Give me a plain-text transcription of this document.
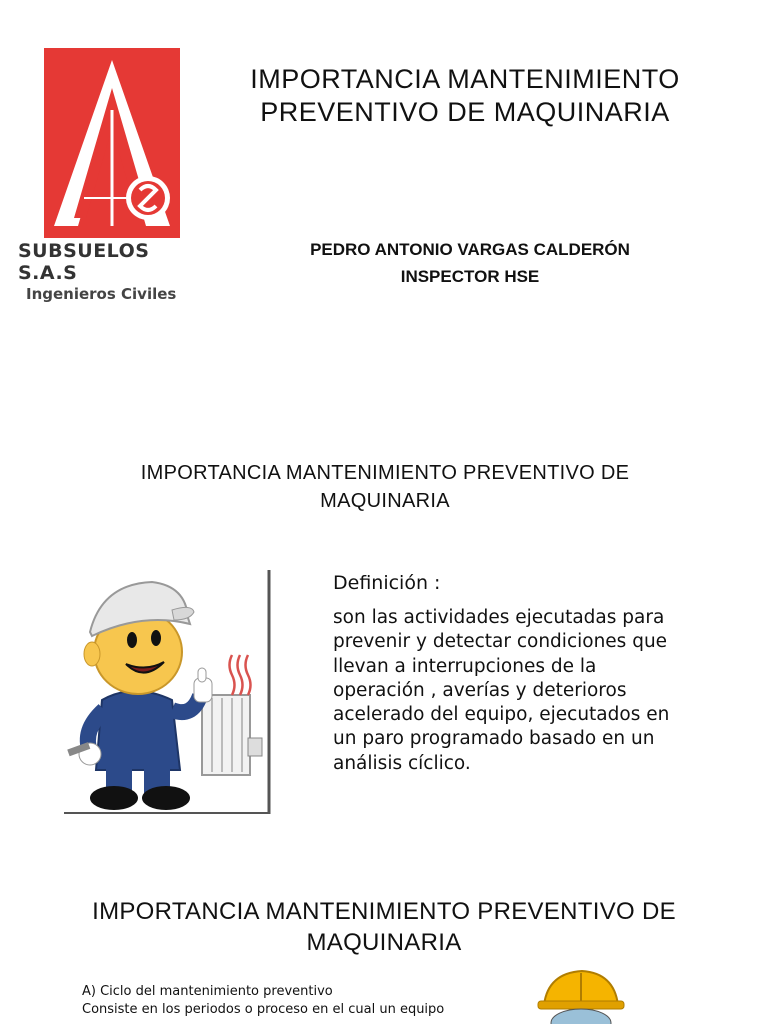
SUBSUELOS S.A.S
Ingenieros Civiles
IMPORTANCIA MANTENIMIENTO
PREVENTIVO DE MAQUINARIA
PEDRO ANTONIO VARGAS CALDERÓN
INSPECTOR HSE
IMPORTANCIA MANTENIMIENTO PREVENTIVO DE
MAQUINARIA
Definición :
son las actividades ejecutadas para prevenir y detectar condiciones que llevan a interrupciones de la operación , averías y deterioros acelerado del equipo, ejecutados en un paro programado basado en un análisis cíclico.
IMPORTANCIA MANTENIMIENTO PREVENTIVO DE
MAQUINARIA
A) Ciclo del mantenimiento preventivo
Consiste en los periodos o proceso en el cual un equipo
